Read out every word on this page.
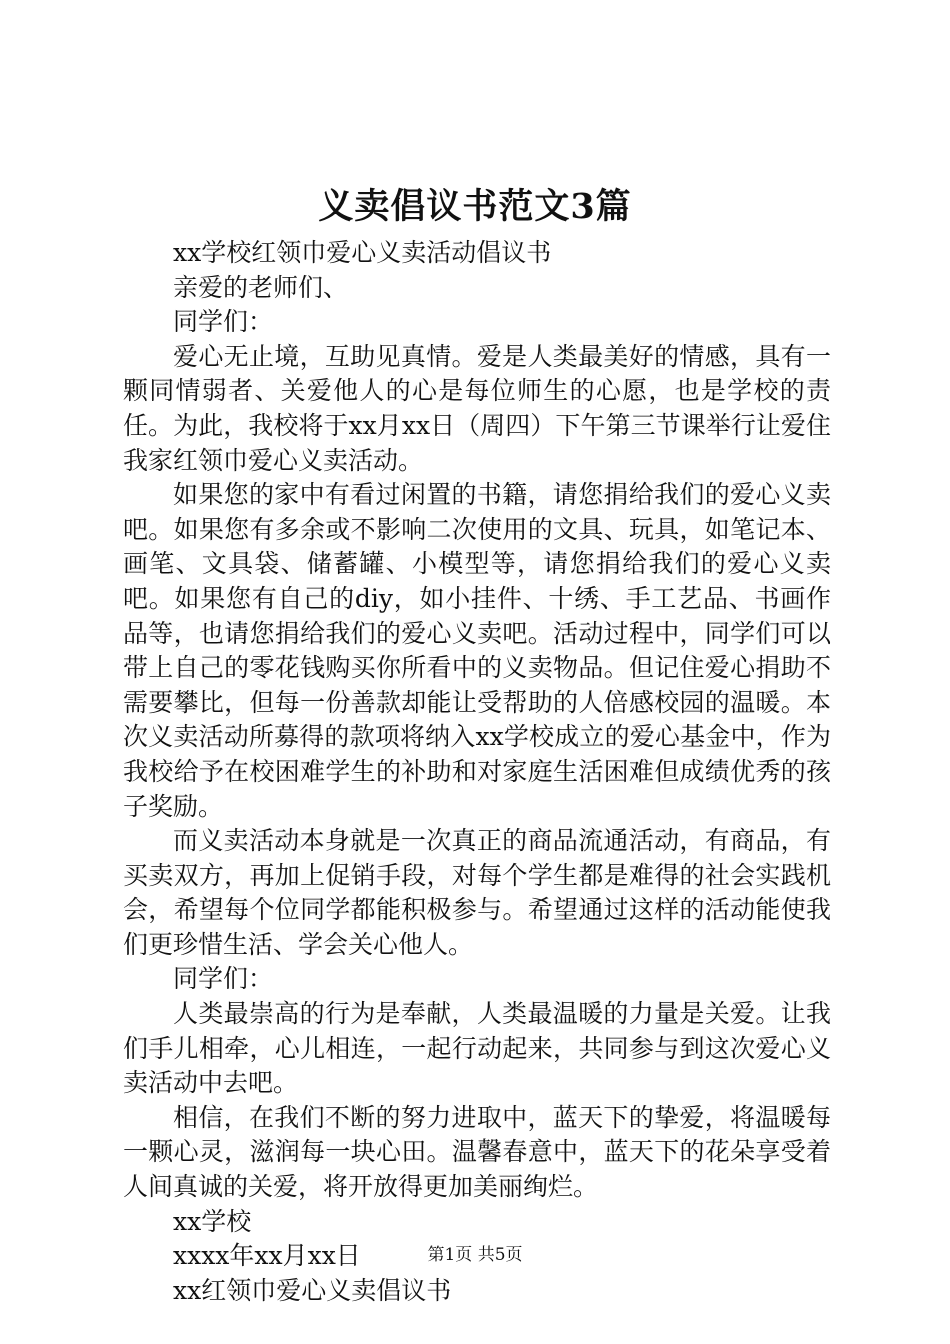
义卖倡议书范文3篇

xx学校红领巾爱心义卖活动倡议书

亲爱的老师们、

同学们：

爱心无止境，互助见真情。爱是人类最美好的情感，具有一颗同情弱者、关爱他人的心是每位师生的心愿，也是学校的责任。为此，我校将于xx月xx日（周四）下午第三节课举行让爱住我家红领巾爱心义卖活动。

如果您的家中有看过闲置的书籍，请您捐给我们的爱心义卖吧。如果您有多余或不影响二次使用的文具、玩具，如笔记本、画笔、文具袋、储蓄罐、小模型等，请您捐给我们的爱心义卖吧。如果您有自己的diy，如小挂件、十绣、手工艺品、书画作品等，也请您捐给我们的爱心义卖吧。活动过程中，同学们可以带上自己的零花钱购买你所看中的义卖物品。但记住爱心捐助不需要攀比，但每一份善款却能让受帮助的人倍感校园的温暖。本次义卖活动所募得的款项将纳入xx学校成立的爱心基金中，作为我校给予在校困难学生的补助和对家庭生活困难但成绩优秀的孩子奖励。

而义卖活动本身就是一次真正的商品流通活动，有商品，有买卖双方，再加上促销手段，对每个学生都是难得的社会实践机会，希望每个位同学都能积极参与。希望通过这样的活动能使我们更珍惜生活、学会关心他人。

同学们：

人类最崇高的行为是奉献，人类最温暖的力量是关爱。让我们手儿相牵，心儿相连，一起行动起来，共同参与到这次爱心义卖活动中去吧。

相信，在我们不断的努力进取中，蓝天下的挚爱，将温暖每一颗心灵，滋润每一块心田。温馨春意中，蓝天下的花朵享受着人间真诚的关爱，将开放得更加美丽绚烂。

xx学校

xxxx年xx月xx日

xx红领巾爱心义卖倡议书

第1页 共5页
